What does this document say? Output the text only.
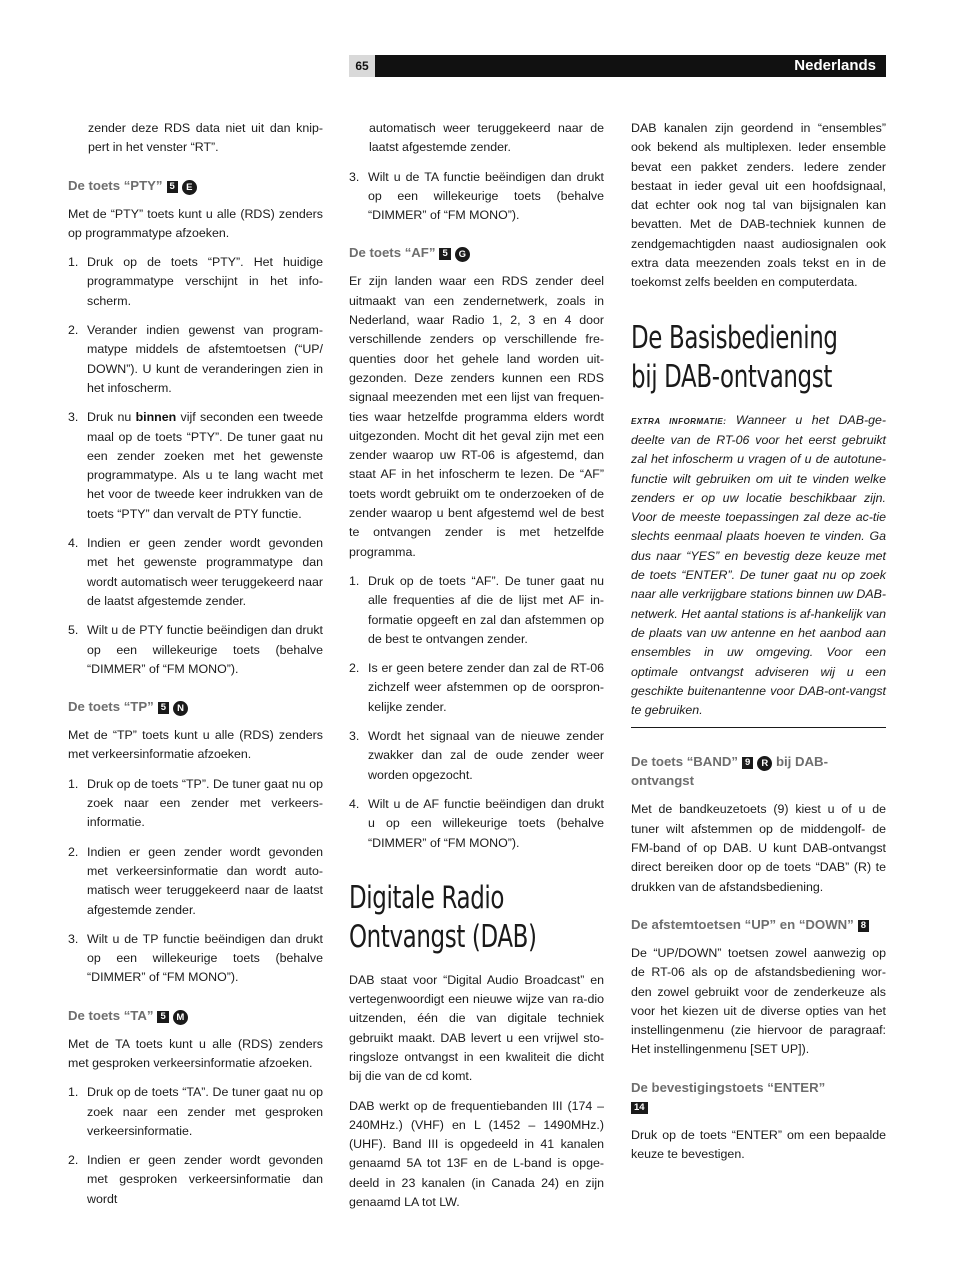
65	Nederlands

zender deze RDS data niet uit dan knip-pert in het venster “RT”.

De toets “PTY” 5 E

Met de “PTY” toets kunt u alle (RDS) zenders op programmatype afzoeken.

1. Druk op de toets “PTY”. Het huidige programmatype verschijnt in het info-scherm.
2. Verander indien gewenst van program-matype middels de afstemtoetsen (“UP/ DOWN”). U kunt de veranderingen zien in het infoscherm.
3. Druk nu binnen vijf seconden een tweede maal op de toets “PTY”. De tuner gaat nu een zender zoeken met het gewenste programmatype. Als u te lang wacht met het voor de tweede keer indrukken van de toets “PTY” dan vervalt de PTY functie.
4. Indien er geen zender wordt gevonden met het gewenste programmatype dan wordt automatisch weer teruggekeerd naar de laatst afgestemde zender.
5. Wilt u de PTY functie beëindigen dan drukt op een willekeurige toets (behalve “DIMMER” of “FM MONO”).
De toets “TP” 5 N

Met de “TP” toets kunt u alle (RDS) zenders met verkeersinformatie afzoeken.

1. Druk op de toets “TP”. De tuner gaat nu op zoek naar een zender met verkeers-informatie.
2. Indien er geen zender wordt gevonden met verkeersinformatie dan wordt auto-matisch weer teruggekeerd naar de laatst afgestemde zender.
3. Wilt u de TP functie beëindigen dan drukt op een willekeurige toets (behalve “DIMMER” of “FM MONO”).
De toets “TA” 5 M

Met de TA toets kunt u alle (RDS) zenders met gesproken verkeersinformatie afzoeken.

1. Druk op de toets “TA”. De tuner gaat nu op zoek naar een zender met gesproken verkeersinformatie.
2. Indien er geen zender wordt gevonden met gesproken verkeersinformatie dan wordt

automatisch weer teruggekeerd naar de laatst afgestemde zender.

3. Wilt u de TA functie beëindigen dan drukt op een willekeurige toets (behalve “DIMMER” of “FM MONO”).
De toets “AF” 5 G

Er zijn landen waar een RDS zender deel uitmaakt van een zendernetwerk, zoals in Nederland, waar Radio 1, 2, 3 en 4 door verschillende zenders op verschillende fre-quenties door het gehele land worden uit-gezonden. Deze zenders kunnen een RDS signaal meezenden met een lijst van frequen-ties waar hetzelfde programma elders wordt uitgezonden. Mocht dit het geval zijn met een zender waarop uw RT-06 is afgestemd, dan staat AF in het infoscherm te lezen. De “AF” toets wordt gebruikt om te onderzoeken of de zender waarop u bent afgestemd wel de best te ontvangen zender is met hetzelfde programma.

1. Druk op de toets “AF”. De tuner gaat nu alle frequenties af die de lijst met AF in-formatie opgeeft en zal dan afstemmen op de best te ontvangen zender.
2. Is er geen betere zender dan zal de RT-06 zichzelf weer afstemmen op de oorspron-kelijke zender.
3. Wordt het signaal van de nieuwe zender zwakker dan zal de oude zender weer worden opgezocht.
4. Wilt u de AF functie beëindigen dan drukt u op een willekeurige toets (behalve “DIMMER” of “FM MONO”).
Digitale Radio Ontvangst (DAB)

DAB staat voor “Digital Audio Broadcast” en vertegenwoordigt een nieuwe wijze van ra-dio uitzenden, één die van digitale techniek gebruikt maakt. DAB levert u een vrijwel sto-ringsloze ontvangst in een kwaliteit die dicht bij die van de cd komt.

DAB werkt op de frequentiebanden III (174 – 240MHz.) (VHF) en L (1452 – 1490MHz.) (UHF). Band III is opgedeeld in 41 kanalen genaamd 5A tot 13F en de L-band is opge-deeld in 23 kanalen (in Canada 24) en zijn genaamd LA tot LW.

DAB kanalen zijn geordend in “ensembles” ook bekend als multiplexen. Ieder ensemble bevat een pakket zenders. Iedere zender bestaat in ieder geval uit een hoofdsignaal, dat echter ook nog tal van bijsignalen kan bevatten. Met de DAB-techniek kunnen de zendgemachtigden naast audiosignalen ook extra data meezenden zoals tekst en in de toekomst zelfs beelden en computerdata.

De Basisbediening bij DAB-ontvangst

EXTRA INFORMATIE: Wanneer u het DAB-ge-deelte van de RT-06 voor het eerst gebruikt zal het infoscherm u vragen of u de autotune-functie wilt gebruiken om uit te vinden welke zenders er op uw locatie beschikbaar zijn. Voor de meeste toepassingen zal deze ac-tie slechts eenmaal plaats hoeven te vinden. Ga dus naar “YES” en bevestig deze keuze met de toets “ENTER”. De tuner gaat nu op zoek naar alle verkrijgbare stations binnen uw DAB-netwerk. Het aantal stations is af-hankelijk van de plaats van uw antenne en het aanbod aan ensembles in uw omgeving. Voor een optimale ontvangst adviseren wij u een geschikte buitenantenne voor DAB-ont-vangst te gebruiken.

De toets “BAND” 9 R bij DAB-ontvangst

Met de bandkeuzetoets (9) kiest u of u de tuner wilt afstemmen op de middengolf- de FM-band of op DAB. U kunt DAB-ontvangst direct bereiken door op de toets “DAB” (R) te drukken van de afstandsbediening.

De afstemtoetsen “UP” en “DOWN” 8

De “UP/DOWN” toetsen zowel aanwezig op de RT-06 als op de afstandsbediening wor-den zowel gebruikt voor de zenderkeuze als voor het kiezen uit de diverse opties van het instellingenmenu (zie hiervoor de paragraaf: Het instellingenmenu [SET UP]).

De bevestigingstoets “ENTER”
14

Druk op de toets “ENTER” om een bepaalde keuze te bevestigen.
